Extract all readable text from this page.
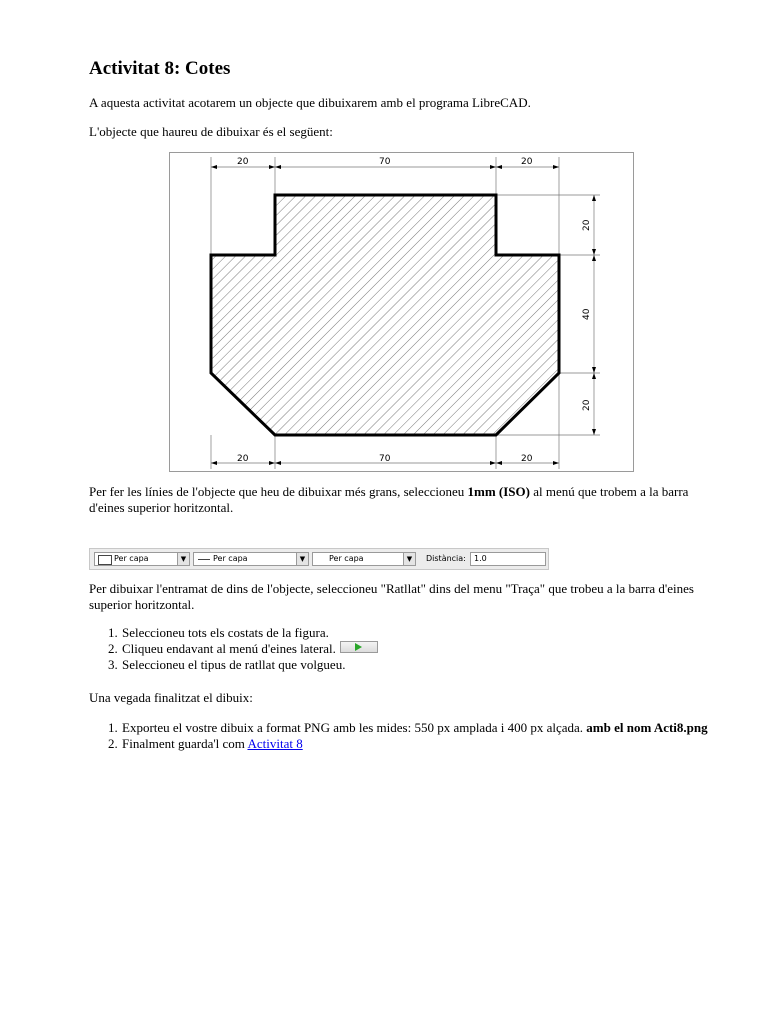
Activitat 8: Cotes

A aquesta activitat acotarem un objecte que dibuixarem amb el programa LibreCAD.

L'objecte que haureu de dibuixar és el següent:

20	70	20
20	70	20
20
40
20

Per fer les línies de l'objecte que heu de dibuixar més grans, seleccioneu 1mm (ISO) al menú que trobem a la barra d'eines superior horitzontal.

Per capa	▼	Per capa	▼	Per capa	▼	Distància:	1.0

Per dibuixar l'entramat de dins de l'objecte, seleccioneu "Ratllat" dins del menu "Traça" que trobeu a la barra d'eines superior horitzontal.

1. Seleccioneu tots els costats de la figura.
2. Cliqueu endavant al menú d'eines lateral.
3. Seleccioneu el tipus de ratllat que volgueu.

Una vegada finalitzat el dibuix:

1. Exporteu el vostre dibuix a format PNG amb les mides: 550 px amplada i 400 px alçada. amb el nom Acti8.png
2. Finalment guarda'l com Activitat 8
